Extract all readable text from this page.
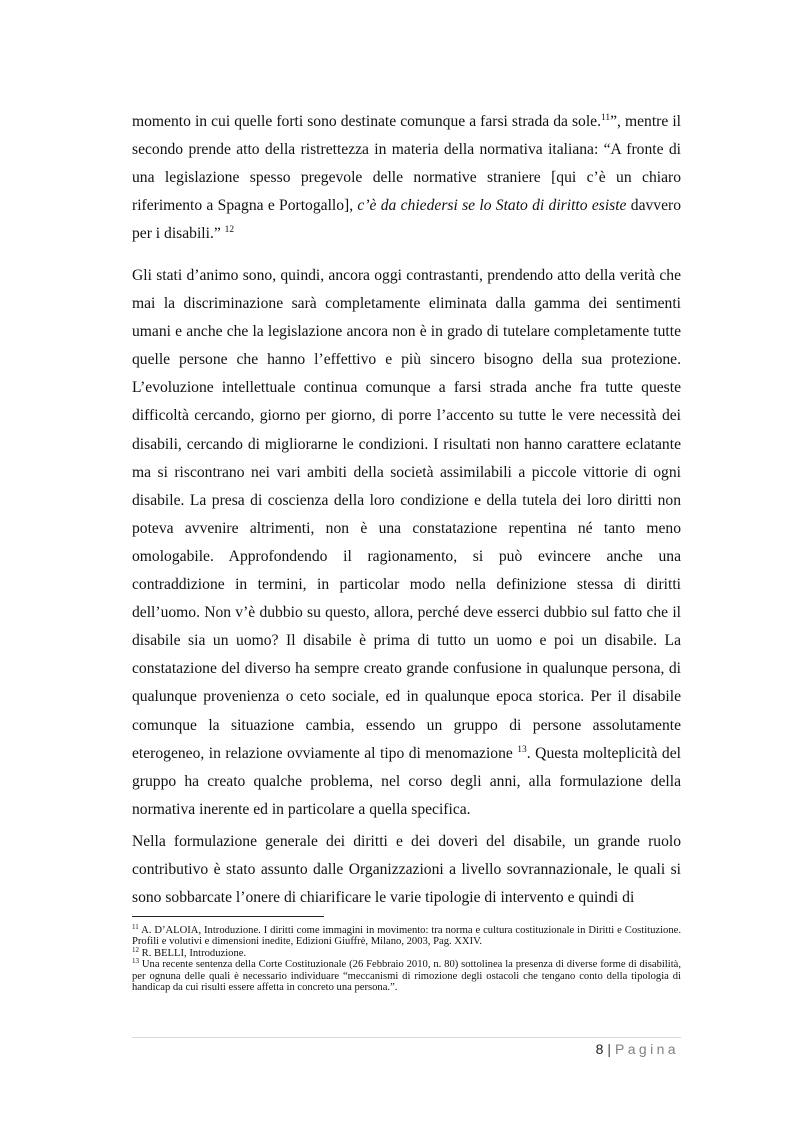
momento in cui quelle forti sono destinate comunque a farsi strada da sole.$^{11}$”, mentre il secondo prende atto della ristrettezza in materia della normativa italiana: “A fronte di una legislazione spesso pregevole delle normative straniere [qui c’è un chiaro riferimento a Spagna e Portogallo], c’è da chiedersi se lo Stato di diritto esiste davvero per i disabili.” $^{12}$

Gli stati d’animo sono, quindi, ancora oggi contrastanti, prendendo atto della verità che mai la discriminazione sarà completamente eliminata dalla gamma dei sentimenti umani e anche che la legislazione ancora non è in grado di tutelare completamente tutte quelle persone che hanno l’effettivo e più sincero bisogno della sua protezione. L’evoluzione intellettuale continua comunque a farsi strada anche fra tutte queste difficoltà cercando, giorno per giorno, di porre l’accento su tutte le vere necessità dei disabili, cercando di migliorarne le condizioni. I risultati non hanno carattere eclatante ma si riscontrano nei vari ambiti della società assimilabili a piccole vittorie di ogni disabile. La presa di coscienza della loro condizione e della tutela dei loro diritti non poteva avvenire altrimenti, non è una constatazione repentina né tanto meno omologabile. Approfondendo il ragionamento, si può evincere anche una contraddizione in termini, in particolar modo nella definizione stessa di diritti dell’uomo. Non v’è dubbio su questo, allora, perché deve esserci dubbio sul fatto che il disabile sia un uomo? Il disabile è prima di tutto un uomo e poi un disabile. La constatazione del diverso ha sempre creato grande confusione in qualunque persona, di qualunque provenienza o ceto sociale, ed in qualunque epoca storica. Per il disabile comunque la situazione cambia, essendo un gruppo di persone assolutamente eterogeneo, in relazione ovviamente al tipo di menomazione $^{13}$. Questa molteplicità del gruppo ha creato qualche problema, nel corso degli anni, alla formulazione della normativa inerente ed in particolare a quella specifica.

Nella formulazione generale dei diritti e dei doveri del disabile, un grande ruolo contributivo è stato assunto dalle Organizzazioni a livello sovrannazionale, le quali si sono sobbarcate l’onere di chiarificare le varie tipologie di intervento e quindi di

$^{11}$ A. D’ALOIA, Introduzione. I diritti come immagini in movimento: tra norma e cultura costituzionale in Diritti e Costituzione. Profili e volutivi e dimensioni inedite, Edizioni Giuffrè, Milano, 2003, Pag. XXIV.

$^{12}$ R. BELLI, Introduzione.

$^{13}$ Una recente sentenza della Corte Costituzionale (26 Febbraio 2010, n. 80) sottolinea la presenza di diverse forme di disabilità, per ognuna delle quali è necessario individuare “meccanismi di rimozione degli ostacoli che tengano conto della tipologia di handicap da cui risulti essere affetta in concreto una persona.”.

8 | Pagina
